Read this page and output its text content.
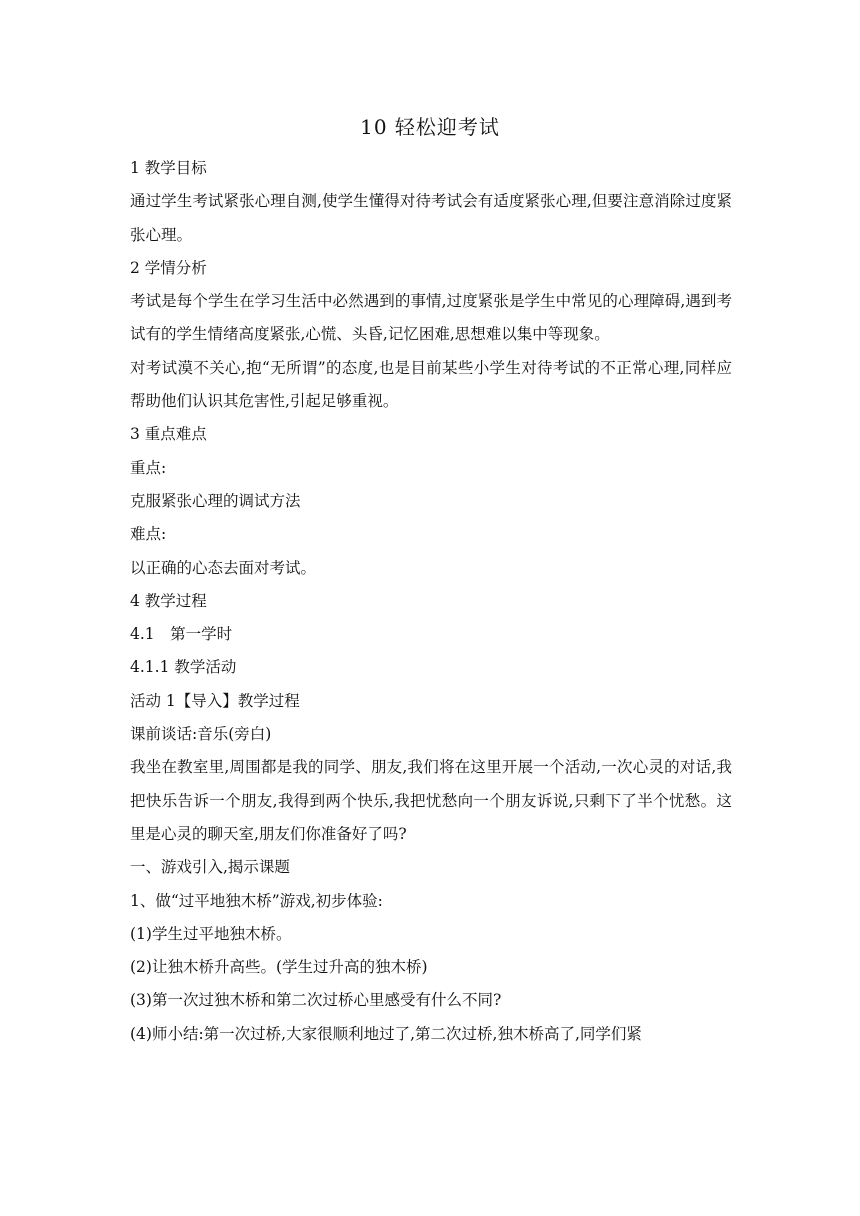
10 轻松迎考试

1 教学目标

通过学生考试紧张心理自测,使学生懂得对待考试会有适度紧张心理,但要注意消除过度紧张心理。

2 学情分析

考试是每个学生在学习生活中必然遇到的事情,过度紧张是学生中常见的心理障碍,遇到考试有的学生情绪高度紧张,心慌、头昏,记忆困难,思想难以集中等现象。

对考试漠不关心,抱“无所谓”的态度,也是目前某些小学生对待考试的不正常心理,同样应帮助他们认识其危害性,引起足够重视。

3 重点难点

重点:

克服紧张心理的调试方法

难点:

以正确的心态去面对考试。

4 教学过程

4.1　第一学时

4.1.1 教学活动

活动 1【导入】教学过程

课前谈话:音乐(旁白)

我坐在教室里,周围都是我的同学、朋友,我们将在这里开展一个活动,一次心灵的对话,我把快乐告诉一个朋友,我得到两个快乐,我把忧愁向一个朋友诉说,只剩下了半个忧愁。这里是心灵的聊天室,朋友们你准备好了吗?

一、游戏引入,揭示课题

1、做“过平地独木桥”游戏,初步体验:

(1)学生过平地独木桥。

(2)让独木桥升高些。(学生过升高的独木桥)

(3)第一次过独木桥和第二次过桥心里感受有什么不同?

(4)师小结:第一次过桥,大家很顺利地过了,第二次过桥,独木桥高了,同学们紧
